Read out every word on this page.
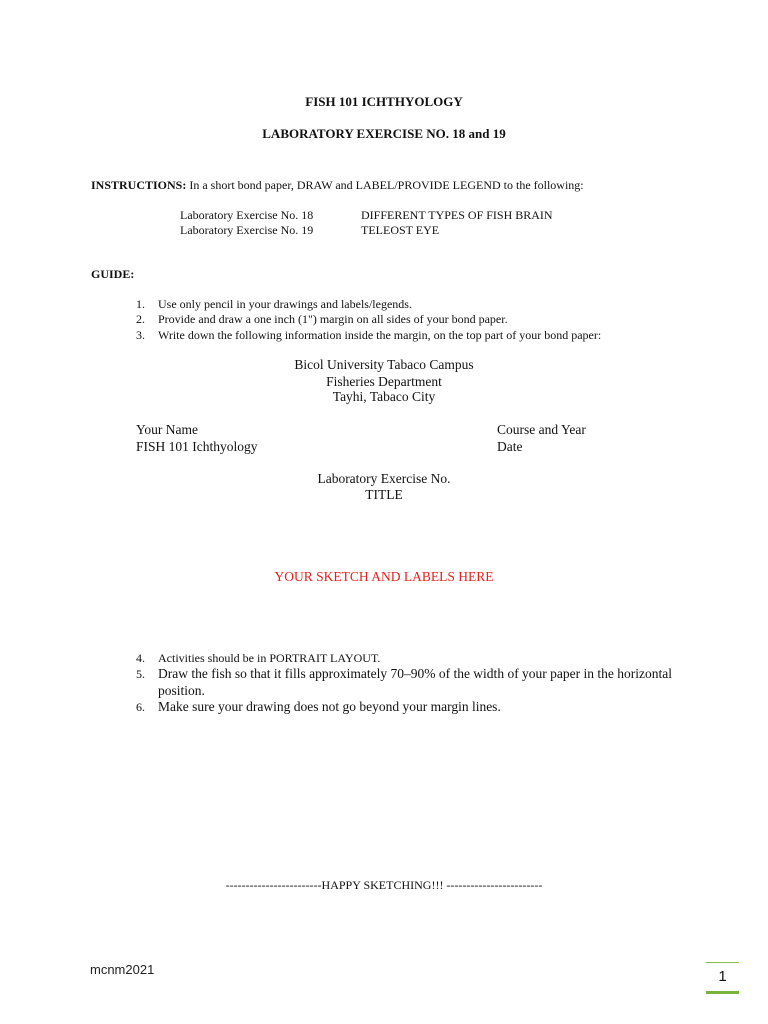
FISH 101 ICHTHYOLOGY
LABORATORY EXERCISE NO. 18 and 19
INSTRUCTIONS: In a short bond paper, DRAW and LABEL/PROVIDE LEGEND to the following:
Laboratory Exercise No. 18	DIFFERENT TYPES OF FISH BRAIN
Laboratory Exercise No. 19	TELEOST EYE
GUIDE:
1. Use only pencil in your drawings and labels/legends.
2. Provide and draw a one inch (1") margin on all sides of your bond paper.
3. Write down the following information inside the margin, on the top part of your bond paper:
Bicol University Tabaco Campus
Fisheries Department
Tayhi, Tabaco City
Your Name	Course and Year
FISH 101 Ichthyology	Date
Laboratory Exercise No.
TITLE
YOUR SKETCH AND LABELS HERE
4. Activities should be in PORTRAIT LAYOUT.
5. Draw the fish so that it fills approximately 70–90% of the width of your paper in the horizontal
position.
6. Make sure your drawing does not go beyond your margin lines.
------------------------HAPPY SKETCHING!!! ------------------------
mcnm2021	1
